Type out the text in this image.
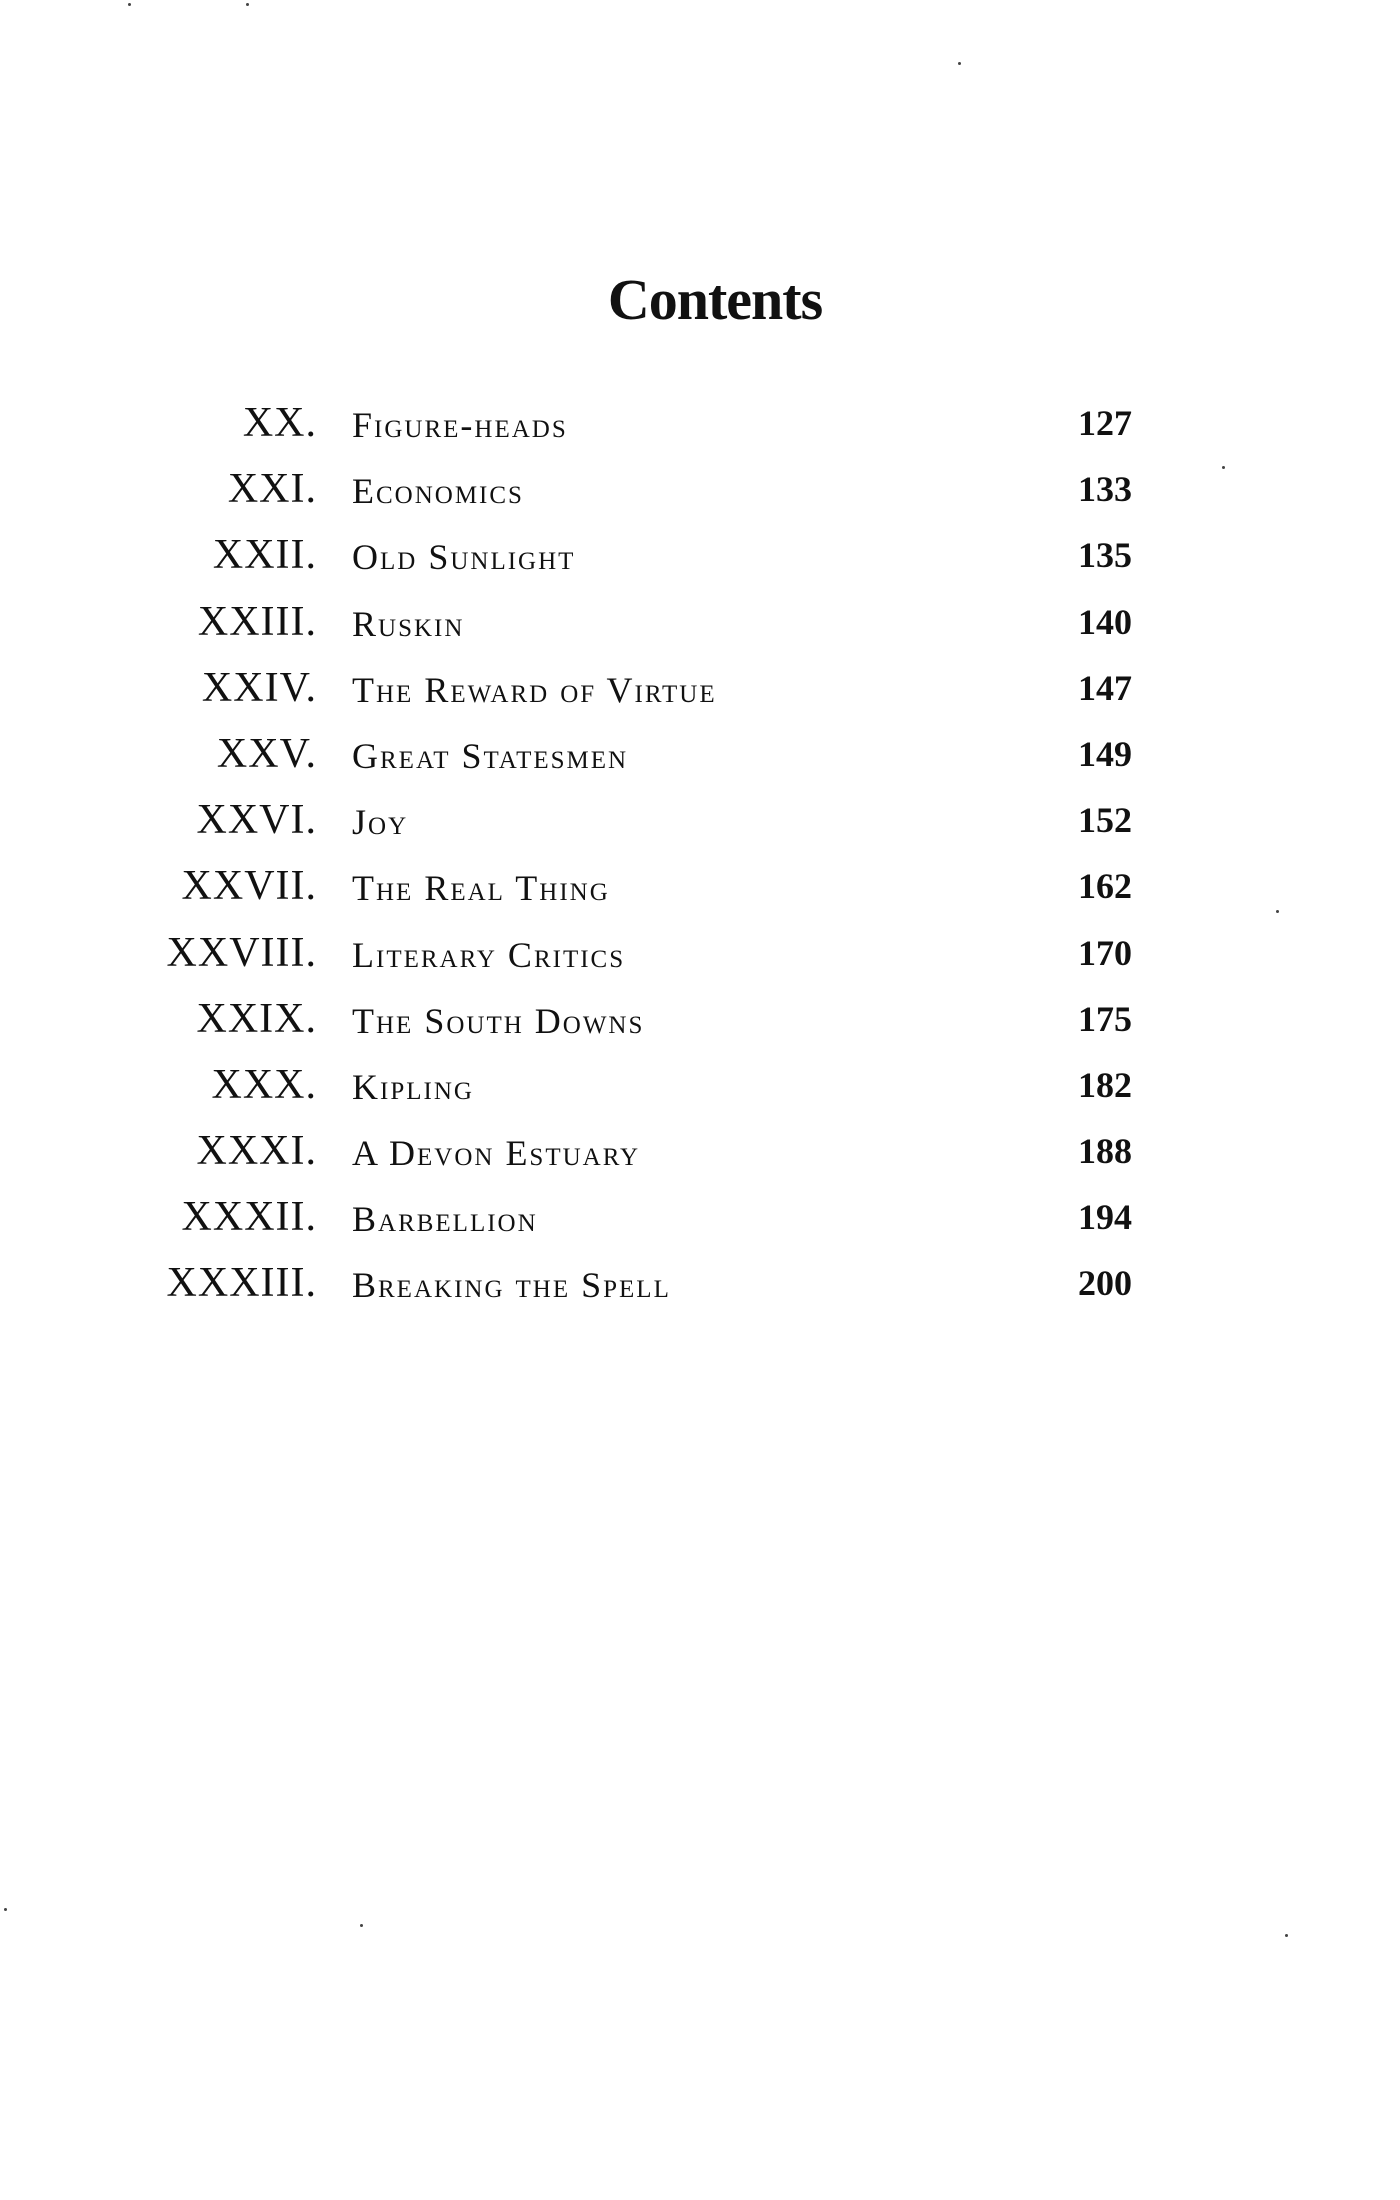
Contents
XX. Figure-heads	127
XXI. Economics	133
XXII. Old Sunlight	135
XXIII. Ruskin	140
XXIV. The Reward of Virtue	147
XXV. Great Statesmen	149
XXVI. Joy	152
XXVII. The Real Thing	162
XXVIII. Literary Critics	170
XXIX. The South Downs	175
XXX. Kipling	182
XXXI. A Devon Estuary	188
XXXII. Barbellion	194
XXXIII. Breaking the Spell	200
